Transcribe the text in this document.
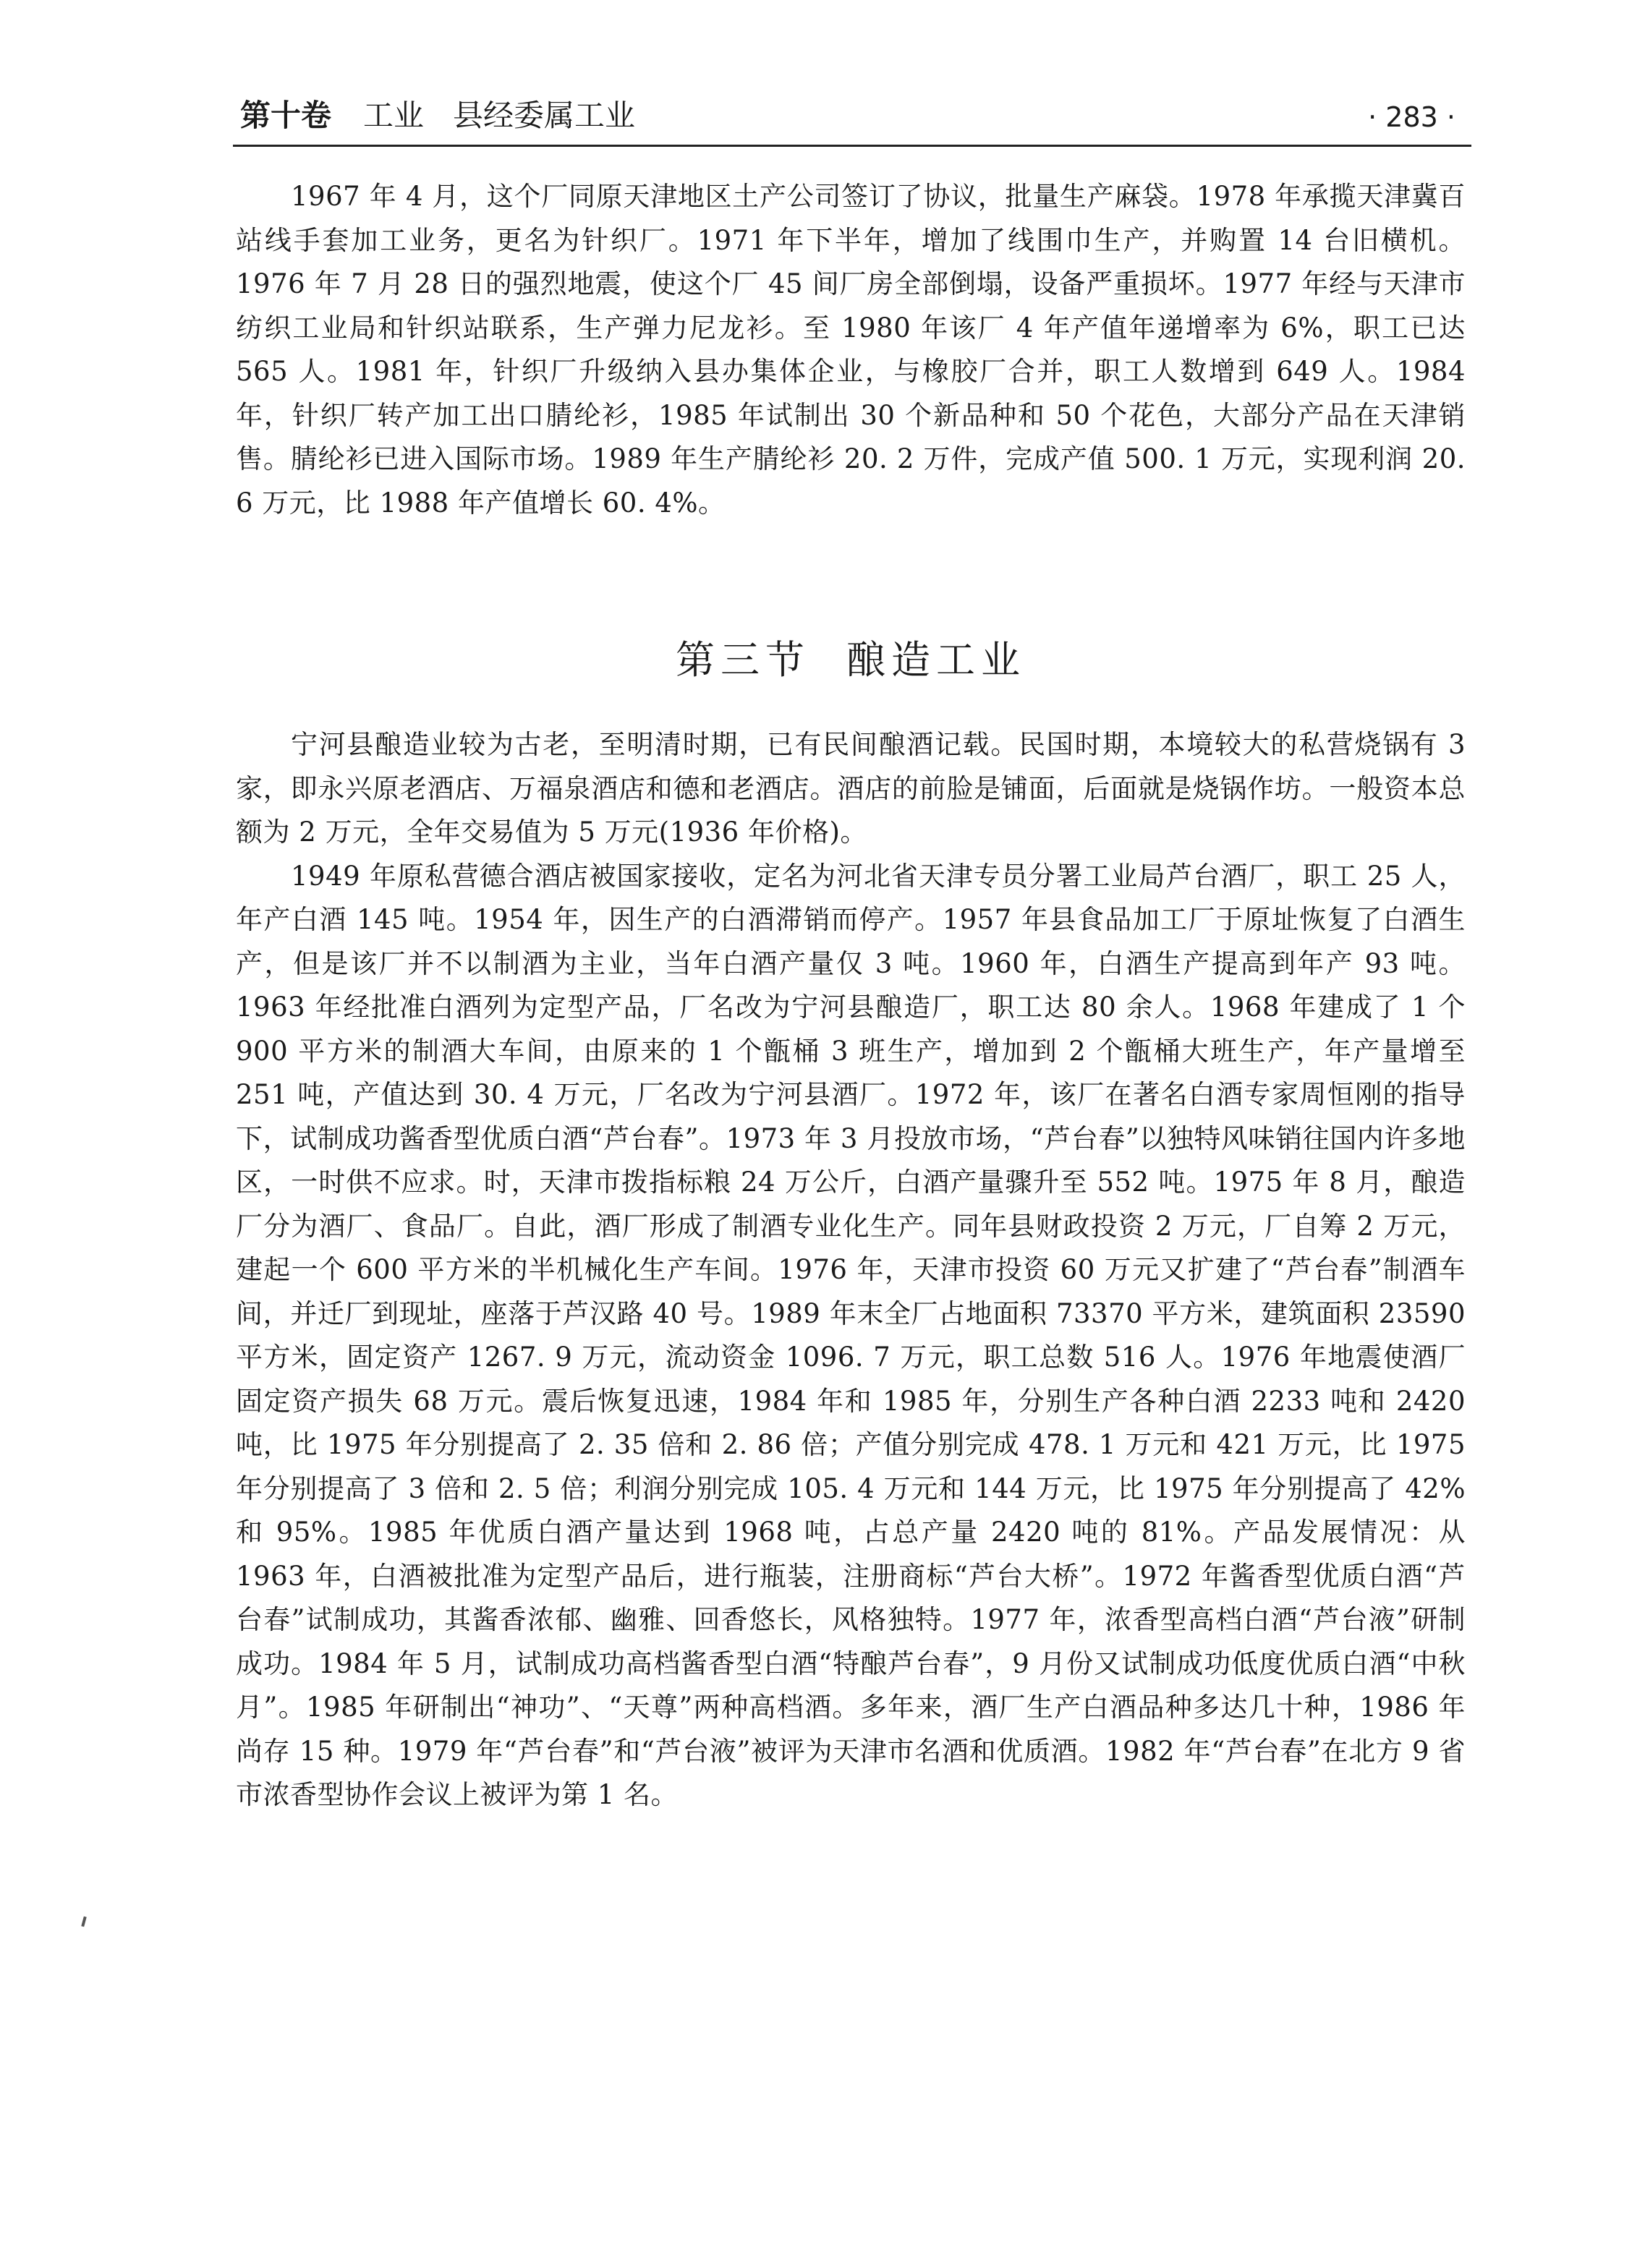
第十卷 工业 县经委属工业	· 283 ·

1967 年 4 月，这个厂同原天津地区土产公司签订了协议，批量生产麻袋。1978 年承揽天津冀百站线手套加工业务，更名为针织厂。1971 年下半年，增加了线围巾生产，并购置 14 台旧横机。1976 年 7 月 28 日的强烈地震，使这个厂 45 间厂房全部倒塌，设备严重损坏。1977 年经与天津市纺织工业局和针织站联系，生产弹力尼龙衫。至 1980 年该厂 4 年产值年递增率为 6%，职工已达 565 人。1981 年，针织厂升级纳入县办集体企业，与橡胶厂合并，职工人数增到 649 人。1984 年，针织厂转产加工出口腈纶衫，1985 年试制出 30 个新品种和 50 个花色，大部分产品在天津销售。腈纶衫已进入国际市场。1989 年生产腈纶衫 20. 2 万件，完成产值 500. 1 万元，实现利润 20. 6 万元，比 1988 年产值增长 60. 4%。

第三节 酿造工业

宁河县酿造业较为古老，至明清时期，已有民间酿酒记载。民国时期，本境较大的私营烧锅有 3 家，即永兴原老酒店、万福泉酒店和德和老酒店。酒店的前脸是铺面，后面就是烧锅作坊。一般资本总额为 2 万元，全年交易值为 5 万元(1936 年价格)。

1949 年原私营德合酒店被国家接收，定名为河北省天津专员分署工业局芦台酒厂，职工 25 人，年产白酒 145 吨。1954 年，因生产的白酒滞销而停产。1957 年县食品加工厂于原址恢复了白酒生产，但是该厂并不以制酒为主业，当年白酒产量仅 3 吨。1960 年，白酒生产提高到年产 93 吨。1963 年经批准白酒列为定型产品，厂名改为宁河县酿造厂，职工达 80 余人。1968 年建成了 1 个 900 平方米的制酒大车间，由原来的 1 个甑桶 3 班生产，增加到 2 个甑桶大班生产，年产量增至 251 吨，产值达到 30. 4 万元，厂名改为宁河县酒厂。1972 年，该厂在著名白酒专家周恒刚的指导下，试制成功酱香型优质白酒“芦台春”。1973 年 3 月投放市场，“芦台春”以独特风味销往国内许多地区，一时供不应求。时，天津市拨指标粮 24 万公斤，白酒产量骤升至 552 吨。1975 年 8 月，酿造厂分为酒厂、食品厂。自此，酒厂形成了制酒专业化生产。同年县财政投资 2 万元，厂自筹 2 万元，建起一个 600 平方米的半机械化生产车间。1976 年，天津市投资 60 万元又扩建了“芦台春”制酒车间，并迁厂到现址，座落于芦汉路 40 号。1989 年末全厂占地面积 73370 平方米，建筑面积 23590 平方米，固定资产 1267. 9 万元，流动资金 1096. 7 万元，职工总数 516 人。1976 年地震使酒厂固定资产损失 68 万元。震后恢复迅速，1984 年和 1985 年，分别生产各种白酒 2233 吨和 2420 吨，比 1975 年分别提高了 2. 35 倍和 2. 86 倍；产值分别完成 478. 1 万元和 421 万元，比 1975 年分别提高了 3 倍和 2. 5 倍；利润分别完成 105. 4 万元和 144 万元，比 1975 年分别提高了 42%和 95%。1985 年优质白酒产量达到 1968 吨，占总产量 2420 吨的 81%。产品发展情况：从 1963 年，白酒被批准为定型产品后，进行瓶装，注册商标“芦台大桥”。1972 年酱香型优质白酒“芦台春”试制成功，其酱香浓郁、幽雅、回香悠长，风格独特。1977 年，浓香型高档白酒“芦台液”研制成功。1984 年 5 月，试制成功高档酱香型白酒“特酿芦台春”，9 月份又试制成功低度优质白酒“中秋月”。1985 年研制出“神功”、“天尊”两种高档酒。多年来，酒厂生产白酒品种多达几十种，1986 年尚存 15 种。1979 年“芦台春”和“芦台液”被评为天津市名酒和优质酒。1982 年“芦台春”在北方 9 省市浓香型协作会议上被评为第 1 名。
